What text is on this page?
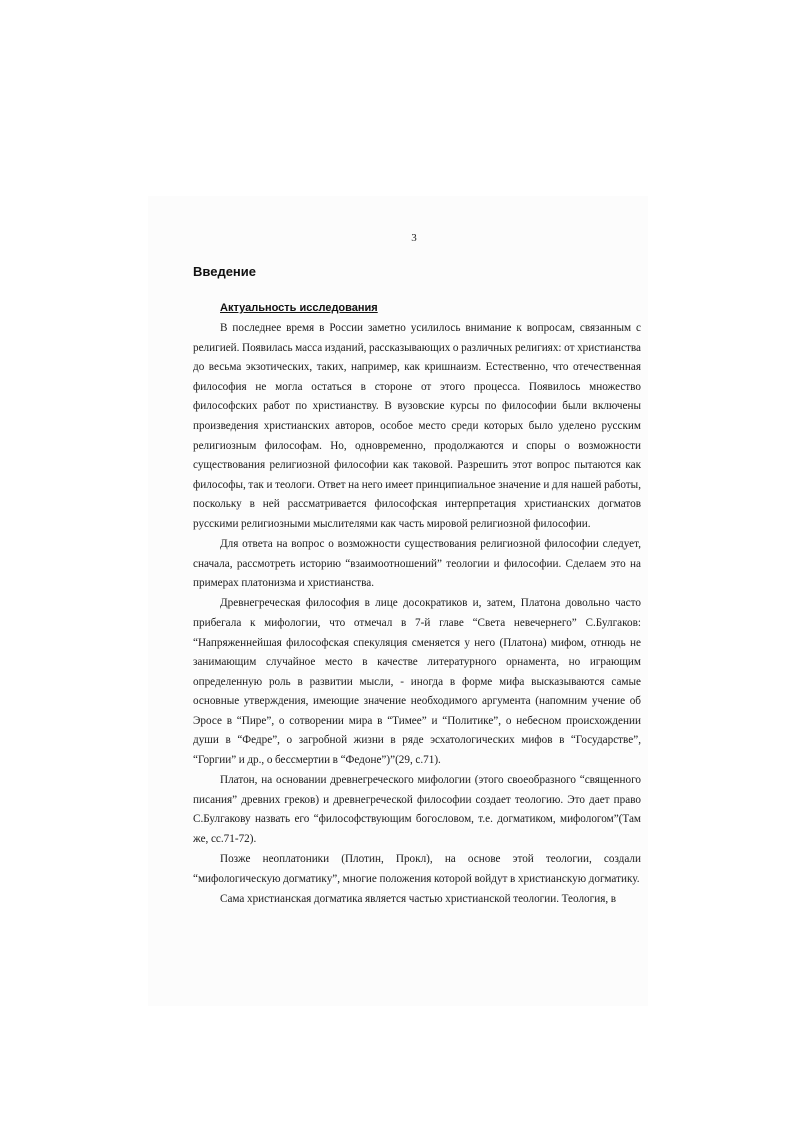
3
Введение
Актуальность исследования

В последнее время в России заметно усилилось внимание к вопросам, связанным с религией. Появилась масса изданий, рассказывающих о различных религиях: от христианства до весьма экзотических, таких, например, как кришнаизм. Естественно, что отечественная философия не могла остаться в стороне от этого процесса. Появилось множество философских работ по христианству. В вузовские курсы по философии были включены произведения христианских авторов, особое место среди которых было уделено русским религиозным философам. Но, одновременно, продолжаются и споры о возможности существования религиозной философии как таковой. Разрешить этот вопрос пытаются как философы, так и теологи. Ответ на него имеет принципиальное значение и для нашей работы, поскольку в ней рассматривается философская интерпретация христианских догматов русскими религиозными мыслителями как часть мировой религиозной философии.

Для ответа на вопрос о возможности существования религиозной философии следует, сначала, рассмотреть историю “взаимоотношений” теологии и философии. Сделаем это на примерах платонизма и христианства.

Древнегреческая философия в лице досократиков и, затем, Платона довольно часто прибегала к мифологии, что отмечал в 7-й главе “Света невечернего” С.Булгаков: “Напряженнейшая философская спекуляция сменяется у него (Платона) мифом, отнюдь не занимающим случайное место в качестве литературного орнамента, но играющим определенную роль в развитии мысли, - иногда в форме мифа высказываются самые основные утверждения, имеющие значение необходимого аргумента (напомним учение об Эросе в “Пире”, о сотворении мира в “Тимее” и “Политике”, о небесном происхождении души в “Федре”, о загробной жизни в ряде эсхатологических мифов в “Государстве”, “Горгии” и др., о бессмертии в “Федоне”)”(29, с.71).

Платон, на основании древнегреческого мифологии (этого своеобразного “священного писания” древних греков) и древнегреческой философии создает теологию. Это дает право С.Булгакову назвать его “философствующим богословом, т.е. догматиком, мифологом”(Там же, сс.71-72).

Позже неоплатоники (Плотин, Прокл), на основе этой теологии, создали “мифологическую догматику”, многие положения которой войдут в христианскую догматику.

Сама христианская догматика является частью христианской теологии. Теология, в
